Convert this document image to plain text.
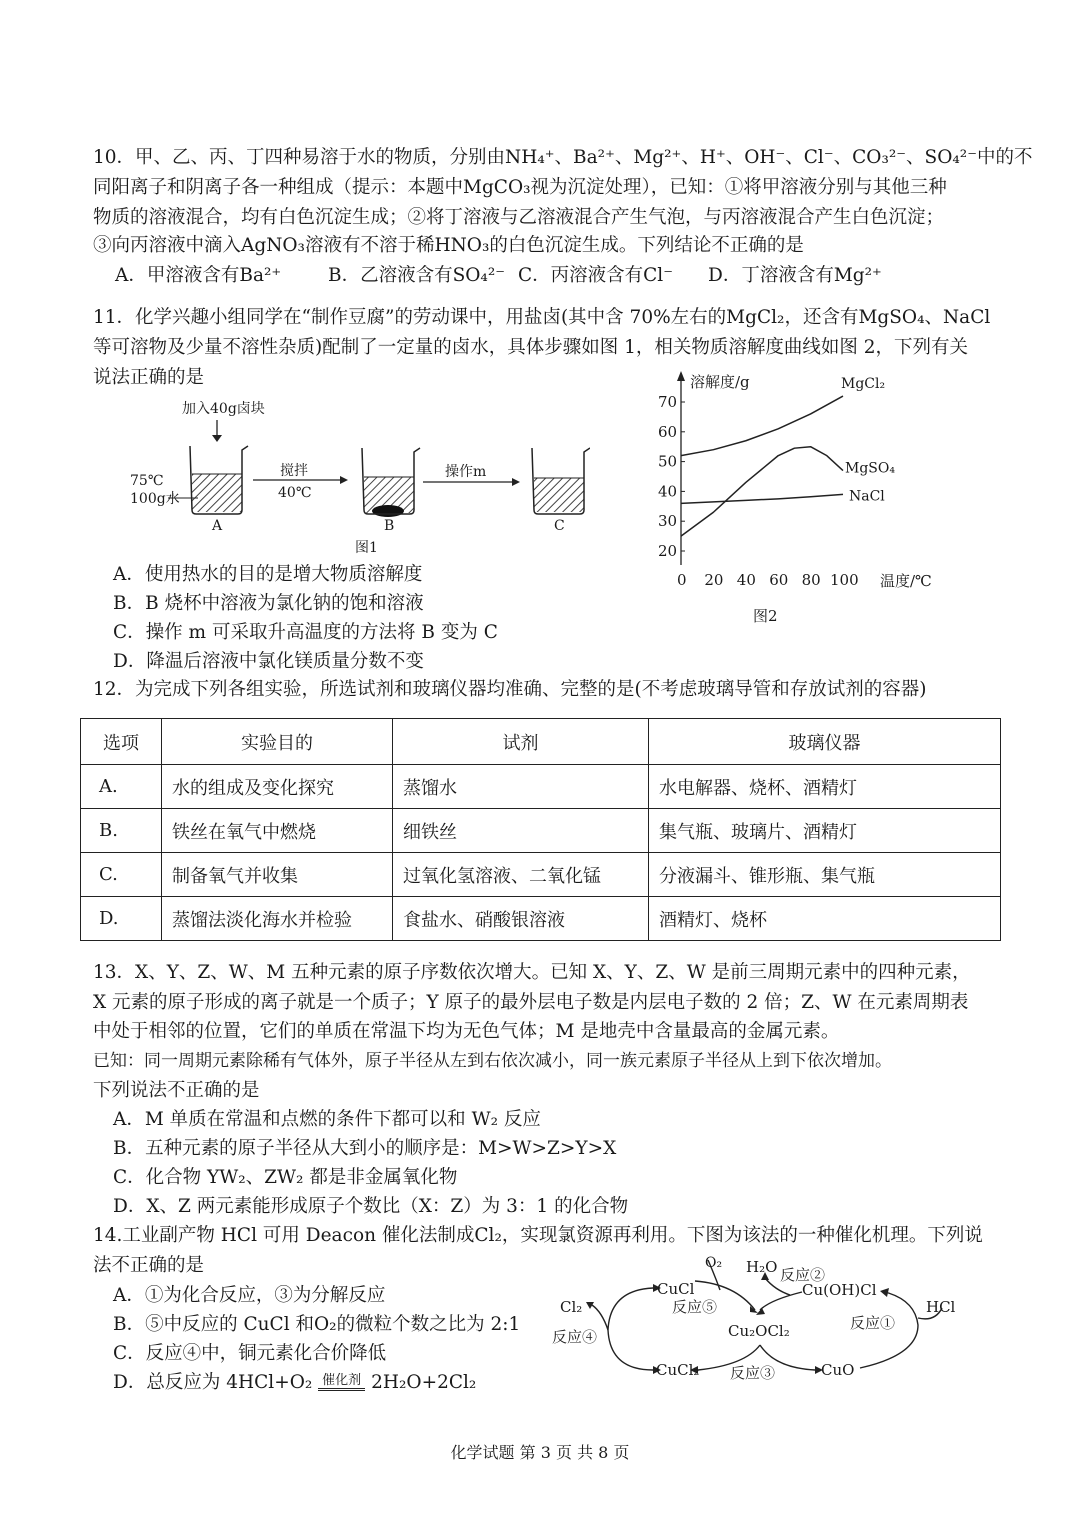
10．甲、乙、丙、丁四种易溶于水的物质，分别由NH₄⁺、Ba²⁺、Mg²⁺、H⁺、OH⁻、Cl⁻、CO₃²⁻、SO₄²⁻中的不
同阳离子和阴离子各一种组成（提示：本题中MgCO₃视为沉淀处理），已知：①将甲溶液分别与其他三种
物质的溶液混合，均有白色沉淀生成；②将丁溶液与乙溶液混合产生气泡，与丙溶液混合产生白色沉淀；
③向丙溶液中滴入AgNO₃溶液有不溶于稀HNO₃的白色沉淀生成。下列结论不正确的是
A．甲溶液含有Ba²⁺	B．乙溶液含有SO₄²⁻ C．丙溶液含有Cl⁻ D．丁溶液含有Mg²⁺
11．化学兴趣小组同学在“制作豆腐”的劳动课中，用盐卤(其中含 70%左右的MgCl₂，还含有MgSO₄、NaCl
等可溶物及少量不溶性杂质)配制了一定量的卤水，具体步骤如图 1，相关物质溶解度曲线如图 2，下列有关
说法正确的是
加入40g卤块
75℃
100g水
A
搅拌
40℃
B
操作m
C
图1
溶解度/g
温度/℃
图2
20
30
40
50
60
70
0 20 40 60 80 100
MgCl₂
MgSO₄
NaCl
A．使用热水的目的是增大物质溶解度
B．B 烧杯中溶液为氯化钠的饱和溶液
C．操作 m 可采取升高温度的方法将 B 变为 C
D．降温后溶液中氯化镁质量分数不变
12．为完成下列各组实验，所选试剂和玻璃仪器均准确、完整的是(不考虑玻璃导管和存放试剂的容器)
选项	实验目的	试剂	玻璃仪器
A.	水的组成及变化探究	蒸馏水	水电解器、烧杯、酒精灯
B.	铁丝在氧气中燃烧	细铁丝	集气瓶、玻璃片、酒精灯
C.	制备氧气并收集	过氧化氢溶液、二氧化锰	分液漏斗、锥形瓶、集气瓶
D.	蒸馏法淡化海水并检验	食盐水、硝酸银溶液	酒精灯、烧杯
13．X、Y、Z、W、M 五种元素的原子序数依次增大。已知 X、Y、Z、W 是前三周期元素中的四种元素，
X 元素的原子形成的离子就是一个质子；Y 原子的最外层电子数是内层电子数的 2 倍；Z、W 在元素周期表
中处于相邻的位置，它们的单质在常温下均为无色气体；M 是地壳中含量最高的金属元素。
已知：同一周期元素除稀有气体外，原子半径从左到右依次减小，同一族元素原子半径从上到下依次增加。
下列说法不正确的是
A．M 单质在常温和点燃的条件下都可以和 W₂ 反应
B．五种元素的原子半径从大到小的顺序是：M>W>Z>Y>X
C．化合物 YW₂、ZW₂ 都是非金属氧化物
D．X、Z 两元素能形成原子个数比（X：Z）为 3：1 的化合物
14.工业副产物 HCl 可用 Deacon 催化法制成Cl₂，实现氯资源再利用。下图为该法的一种催化机理。下列说
法不正确的是
A．①为化合反应，③为分解反应
B．⑤中反应的 CuCl 和O₂的微粒个数之比为 2:1
C．反应④中，铜元素化合价降低
D．总反应为 4HCl+O₂ 催化剂 2H₂O+2Cl₂
O₂ H₂O 反应②
CuCl
反应⑤
Cu(OH)Cl
Cl₂
反应④	Cu₂OCl₂	反应①
HCl
CuCl₂ 反应③	CuO
化学试题 第 3 页 共 8 页
